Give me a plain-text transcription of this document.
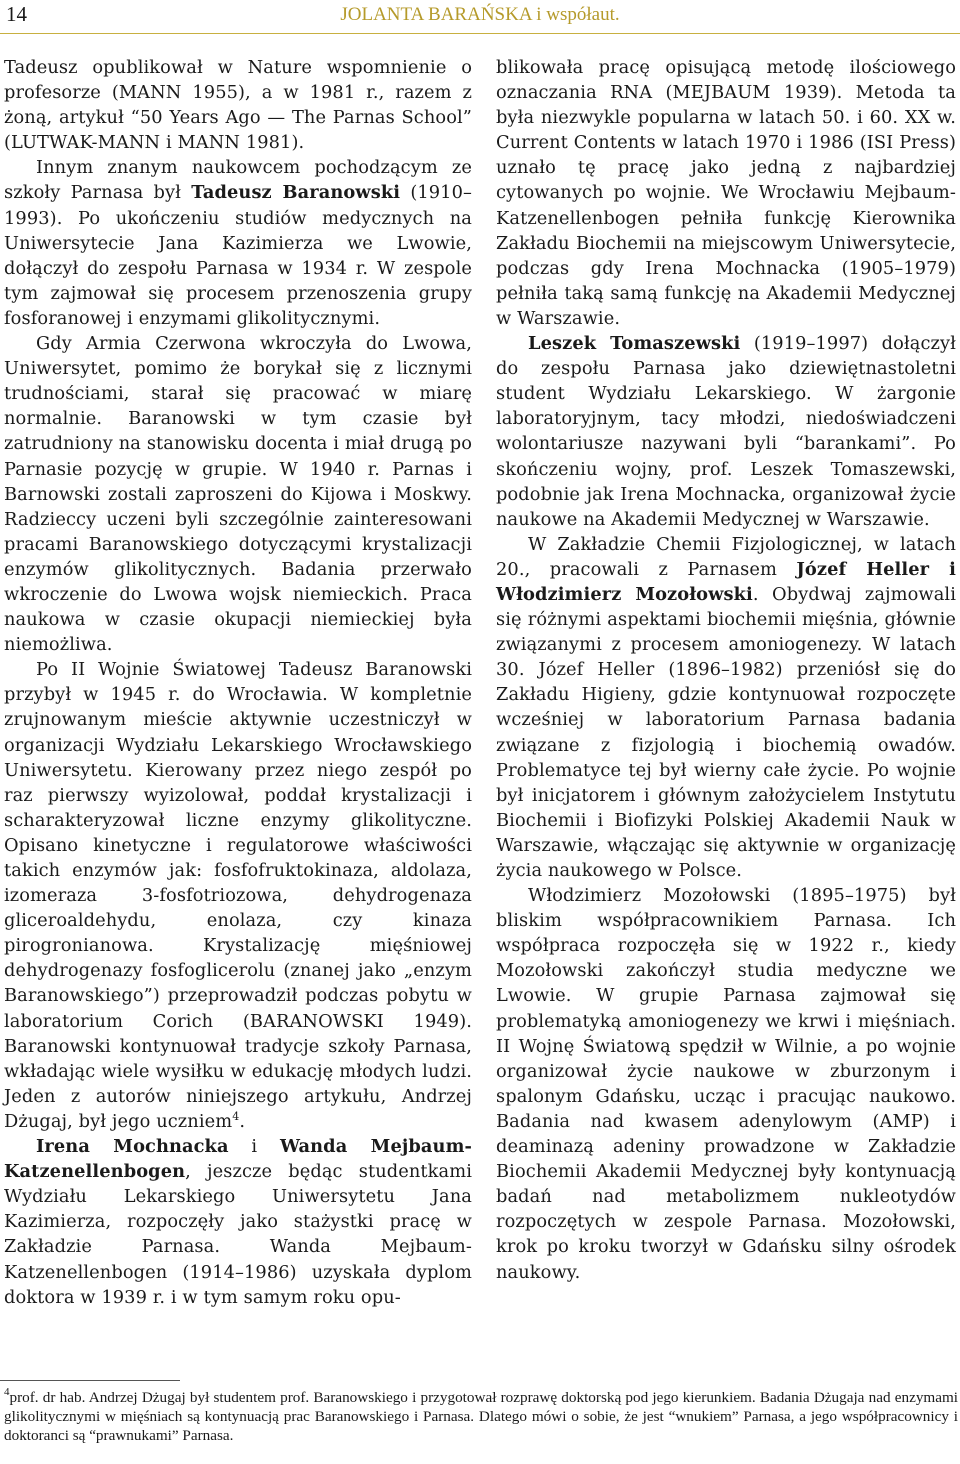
14	JOLANTA BARAŃSKA i współaut.

Tadeusz opublikował w Nature wspomnienie o profesorze (MANN 1955), a w 1981 r., razem z żoną, artykuł “50 Years Ago — The Parnas School” (LUTWAK-MANN i MANN 1981).

Innym znanym naukowcem pochodzącym ze szkoły Parnasa był Tadeusz Baranowski (1910–1993). Po ukończeniu studiów medycznych na Uniwersytecie Jana Kazimierza we Lwowie, dołączył do zespołu Parnasa w 1934 r. W zespole tym zajmował się procesem przenoszenia grupy fosforanowej i enzymami glikolitycznymi.

Gdy Armia Czerwona wkroczyła do Lwowa, Uniwersytet, pomimo że borykał się z licznymi trudnościami, starał się pracować w miarę normalnie. Baranowski w tym czasie był zatrudniony na stanowisku docenta i miał drugą po Parnasie pozycję w grupie. W 1940 r. Parnas i Barnowski zostali zaproszeni do Kijowa i Moskwy. Radzieccy uczeni byli szczególnie zainteresowani pracami Baranowskiego dotyczącymi krystalizacji enzymów glikolitycznych. Badania przerwało wkroczenie do Lwowa wojsk niemieckich. Praca naukowa w czasie okupacji niemieckiej była niemożliwa.

Po II Wojnie Światowej Tadeusz Baranowski przybył w 1945 r. do Wrocławia. W kompletnie zrujnowanym mieście aktywnie uczestniczył w organizacji Wydziału Lekarskiego Wrocławskiego Uniwersytetu. Kierowany przez niego zespół po raz pierwszy wyizolował, poddał krystalizacji i scharakteryzował liczne enzymy glikolityczne. Opisano kinetyczne i regulatorowe właściwości takich enzymów jak: fosfofruktokinaza, aldolaza, izomeraza 3-fosfotriozowa, dehydrogenaza gliceroaldehydu, enolaza, czy kinaza pirogronianowa. Krystalizację mięśniowej dehydrogenazy fosfoglicerolu (znanej jako „enzym Baranowskiego”) przeprowadził podczas pobytu w laboratorium Corich (BARANOWSKI 1949). Baranowski kontynuował tradycje szkoły Parnasa, wkładając wiele wysiłku w edukację młodych ludzi. Jeden z autorów niniejszego artykułu, Andrzej Dżugaj, był jego uczniem$^4$.

Irena Mochnacka i Wanda Mejbaum-Katzenellenbogen, jeszcze będąc studentkami Wydziału Lekarskiego Uniwersytetu Jana Kazimierza, rozpoczęły jako stażystki pracę w Zakładzie Parnasa. Wanda Mejbaum-Katzenellenbogen (1914–1986) uzyskała dyplom doktora w 1939 r. i w tym samym roku opu-

blikowała pracę opisującą metodę ilościowego oznaczania RNA (MEJBAUM 1939). Metoda ta była niezwykle popularna w latach 50. i 60. XX w. Current Contents w latach 1970 i 1986 (ISI Press) uznało tę pracę jako jedną z najbardziej cytowanych po wojnie. We Wrocławiu Mejbaum-Katzenellenbogen pełniła funkcję Kierownika Zakładu Biochemii na miejscowym Uniwersytecie, podczas gdy Irena Mochnacka (1905–1979) pełniła taką samą funkcję na Akademii Medycznej w Warszawie.

Leszek Tomaszewski (1919–1997) dołączył do zespołu Parnasa jako dziewiętnastoletni student Wydziału Lekarskiego. W żargonie laboratoryjnym, tacy młodzi, niedoświadczeni wolontariusze nazywani byli “barankami”. Po skończeniu wojny, prof. Leszek Tomaszewski, podobnie jak Irena Mochnacka, organizował życie naukowe na Akademii Medycznej w Warszawie.

W Zakładzie Chemii Fizjologicznej, w latach 20., pracowali z Parnasem Józef Heller i Włodzimierz Mozołowski. Obydwaj zajmowali się różnymi aspektami biochemii mięśnia, głównie związanymi z procesem amoniogenezy. W latach 30. Józef Heller (1896–1982) przeniósł się do Zakładu Higieny, gdzie kontynuował rozpoczęte wcześniej w laboratorium Parnasa badania związane z fizjologią i biochemią owadów. Problematyce tej był wierny całe życie. Po wojnie był inicjatorem i głównym założycielem Instytutu Biochemii i Biofizyki Polskiej Akademii Nauk w Warszawie, włączając się aktywnie w organizację życia naukowego w Polsce.

Włodzimierz Mozołowski (1895–1975) był bliskim współpracownikiem Parnasa. Ich współpraca rozpoczęła się w 1922 r., kiedy Mozołowski zakończył studia medyczne we Lwowie. W grupie Parnasa zajmował się problematyką amoniogenezy we krwi i mięśniach. II Wojnę Światową spędził w Wilnie, a po wojnie organizował życie naukowe w zburzonym i spalonym Gdańsku, ucząc i pracując naukowo. Badania nad kwasem adenylowym (AMP) i deaminazą adeniny prowadzone w Zakładzie Biochemii Akademii Medycznej były kontynuacją badań nad metabolizmem nukleotydów rozpoczętych w zespole Parnasa. Mozołowski, krok po kroku tworzył w Gdańsku silny ośrodek naukowy.

$^4$prof. dr hab. Andrzej Dżugaj był studentem prof. Baranowskiego i przygotował rozprawę doktorską pod jego kierunkiem. Badania Dżugaja nad enzymami glikolitycznymi w mięśniach są kontynuacją prac Baranowskiego i Parnasa. Dlatego mówi o sobie, że jest “wnukiem” Parnasa, a jego współpracownicy i doktoranci są “prawnukami” Parnasa.
